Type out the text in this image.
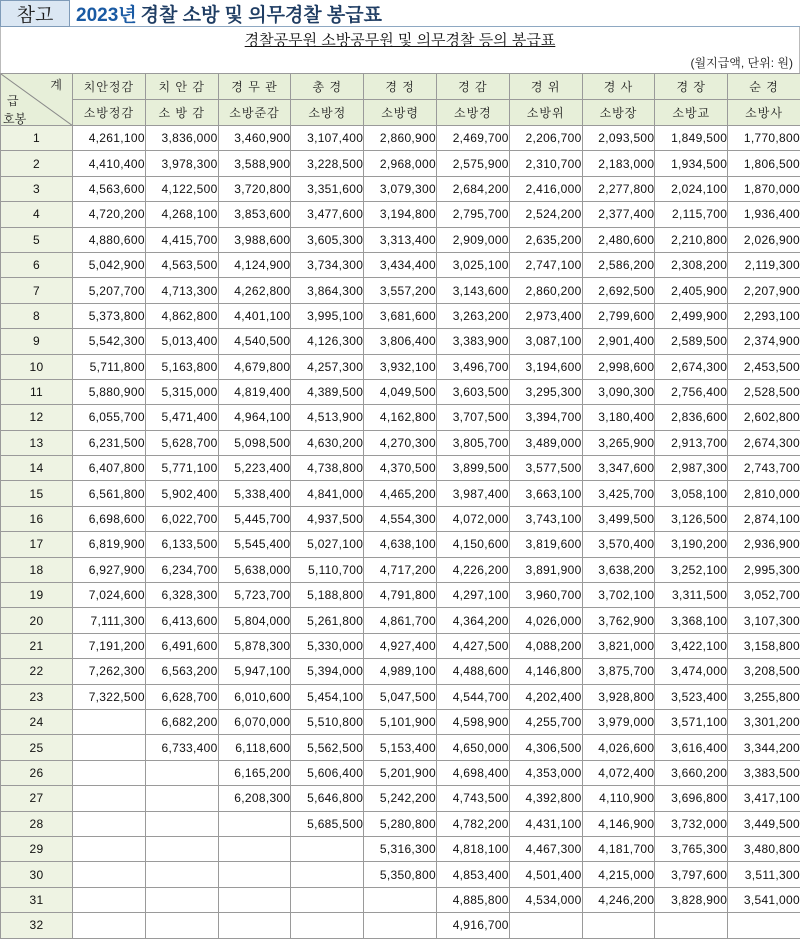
참고	2023년 경찰 소방 및 의무경찰 봉급표
경찰공무원 소방공무원 및 의무경찰 등의 봉급표
(월지급액, 단위: 원)
계
급
호봉	치안정감	치 안 감	경 무 관	총 경	경 정	경 감	경 위	경 사	경 장	순 경
	소방정감	소 방 감	소방준감	소방정	소방령	소방경	소방위	소방장	소방교	소방사
1	4,261,100	3,836,000	3,460,900	3,107,400	2,860,900	2,469,700	2,206,700	2,093,500	1,849,500	1,770,800
2	4,410,400	3,978,300	3,588,900	3,228,500	2,968,000	2,575,900	2,310,700	2,183,000	1,934,500	1,806,500
3	4,563,600	4,122,500	3,720,800	3,351,600	3,079,300	2,684,200	2,416,000	2,277,800	2,024,100	1,870,000
4	4,720,200	4,268,100	3,853,600	3,477,600	3,194,800	2,795,700	2,524,200	2,377,400	2,115,700	1,936,400
5	4,880,600	4,415,700	3,988,600	3,605,300	3,313,400	2,909,000	2,635,200	2,480,600	2,210,800	2,026,900
6	5,042,900	4,563,500	4,124,900	3,734,300	3,434,400	3,025,100	2,747,100	2,586,200	2,308,200	2,119,300
7	5,207,700	4,713,300	4,262,800	3,864,300	3,557,200	3,143,600	2,860,200	2,692,500	2,405,900	2,207,900
8	5,373,800	4,862,800	4,401,100	3,995,100	3,681,600	3,263,200	2,973,400	2,799,600	2,499,900	2,293,100
9	5,542,300	5,013,400	4,540,500	4,126,300	3,806,400	3,383,900	3,087,100	2,901,400	2,589,500	2,374,900
10	5,711,800	5,163,800	4,679,800	4,257,300	3,932,100	3,496,700	3,194,600	2,998,600	2,674,300	2,453,500
11	5,880,900	5,315,000	4,819,400	4,389,500	4,049,500	3,603,500	3,295,300	3,090,300	2,756,400	2,528,500
12	6,055,700	5,471,400	4,964,100	4,513,900	4,162,800	3,707,500	3,394,700	3,180,400	2,836,600	2,602,800
13	6,231,500	5,628,700	5,098,500	4,630,200	4,270,300	3,805,700	3,489,000	3,265,900	2,913,700	2,674,300
14	6,407,800	5,771,100	5,223,400	4,738,800	4,370,500	3,899,500	3,577,500	3,347,600	2,987,300	2,743,700
15	6,561,800	5,902,400	5,338,400	4,841,000	4,465,200	3,987,400	3,663,100	3,425,700	3,058,100	2,810,000
16	6,698,600	6,022,700	5,445,700	4,937,500	4,554,300	4,072,000	3,743,100	3,499,500	3,126,500	2,874,100
17	6,819,900	6,133,500	5,545,400	5,027,100	4,638,100	4,150,600	3,819,600	3,570,400	3,190,200	2,936,900
18	6,927,900	6,234,700	5,638,000	5,110,700	4,717,200	4,226,200	3,891,900	3,638,200	3,252,100	2,995,300
19	7,024,600	6,328,300	5,723,700	5,188,800	4,791,800	4,297,100	3,960,700	3,702,100	3,311,500	3,052,700
20	7,111,300	6,413,600	5,804,000	5,261,800	4,861,700	4,364,200	4,026,000	3,762,900	3,368,100	3,107,300
21	7,191,200	6,491,600	5,878,300	5,330,000	4,927,400	4,427,500	4,088,200	3,821,000	3,422,100	3,158,800
22	7,262,300	6,563,200	5,947,100	5,394,000	4,989,100	4,488,600	4,146,800	3,875,700	3,474,000	3,208,500
23	7,322,500	6,628,700	6,010,600	5,454,100	5,047,500	4,544,700	4,202,400	3,928,800	3,523,400	3,255,800
24		6,682,200	6,070,000	5,510,800	5,101,900	4,598,900	4,255,700	3,979,000	3,571,100	3,301,200
25		6,733,400	6,118,600	5,562,500	5,153,400	4,650,000	4,306,500	4,026,600	3,616,400	3,344,200
26			6,165,200	5,606,400	5,201,900	4,698,400	4,353,000	4,072,400	3,660,200	3,383,500
27			6,208,300	5,646,800	5,242,200	4,743,500	4,392,800	4,110,900	3,696,800	3,417,100
28				5,685,500	5,280,800	4,782,200	4,431,100	4,146,900	3,732,000	3,449,500
29					5,316,300	4,818,100	4,467,300	4,181,700	3,765,300	3,480,800
30					5,350,800	4,853,400	4,501,400	4,215,000	3,797,600	3,511,300
31						4,885,800	4,534,000	4,246,200	3,828,900	3,541,000
32						4,916,700				
